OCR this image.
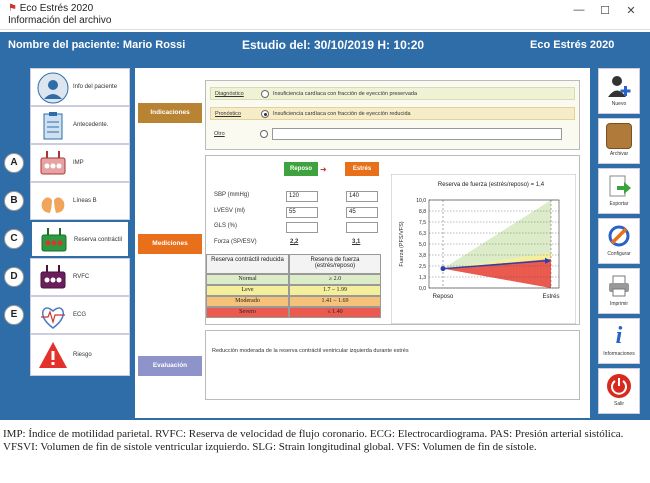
⚑ Eco Estrés 2020
Información del archivo
—	☐	✕
Nombre del paciente: Mario Rossi	Estudio del: 30/10/2019 H: 10:20	Eco Estrés 2020
Info del paciente
Antecedente.
A	IMP
B	Líneas B
C	Reserva contráctil
D	RVFC
E	ECG
Riesgo
Nuevo
Archivar
Exportar
Configurar
Imprimir
i
Informaciones
Salir
Indicaciones
Diagnóstico	Insuficiencia cardíaca con fracción de eyección preservada
Pronóstico	Insuficiencia cardíaca con fracción de eyección reducida
Otro
Mediciones
Reposo	➜	Estrés
SBP (mmHg)	120	140
LVESV (ml)	55	45
GLS (%)
Forza (SP/ESV)	2,2	3,1
Reserva contráctil reducida	Reserva de fuerza (estrés/reposo)
Normal	≥ 2.0
Leve	1.7 – 1.99
Moderado	1.41 – 1.69
Severo	≤ 1.40
Reserva de fuerza (estrés/reposo) = 1,4
10,0
8,8
7,5
6,3
5,0
3,8
2,5
1,3
0,0
Reposo	Estrés
Fuerza (PFS/VFS)
Evaluación
Reducción moderada de la reserva contráctil ventricular izquierda durante estrés
IMP: Índice de motilidad parietal. RVFC: Reserva de velocidad de flujo coronario. ECG: Electrocardiograma. PAS: Presión arterial sistólica. VFSVI: Volumen de fin de sístole ventricular izquierdo. SLG: Strain longitudinal global. VFS: Volumen de fin de sístole.
